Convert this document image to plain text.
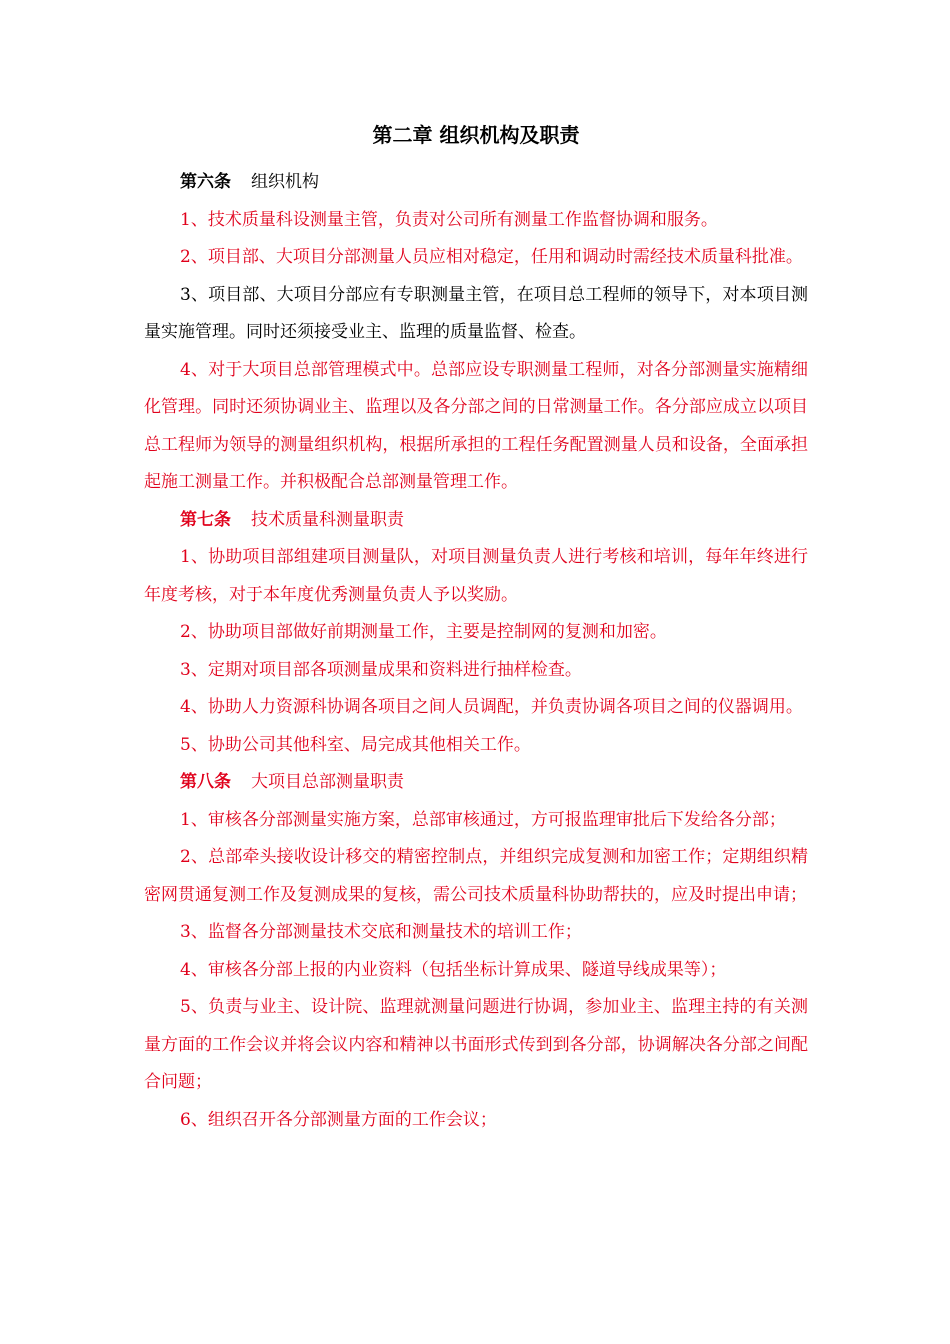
第二章 组织机构及职责

第六条 组织机构

1、技术质量科设测量主管，负责对公司所有测量工作监督协调和服务。

2、项目部、大项目分部测量人员应相对稳定，任用和调动时需经技术质量科批准。

3、项目部、大项目分部应有专职测量主管，在项目总工程师的领导下，对本项目测量实施管理。同时还须接受业主、监理的质量监督、检查。

4、对于大项目总部管理模式中。总部应设专职测量工程师，对各分部测量实施精细化管理。同时还须协调业主、监理以及各分部之间的日常测量工作。各分部应成立以项目总工程师为领导的测量组织机构，根据所承担的工程任务配置测量人员和设备，全面承担起施工测量工作。并积极配合总部测量管理工作。

第七条 技术质量科测量职责

1、协助项目部组建项目测量队，对项目测量负责人进行考核和培训，每年年终进行年度考核，对于本年度优秀测量负责人予以奖励。

2、协助项目部做好前期测量工作，主要是控制网的复测和加密。

3、定期对项目部各项测量成果和资料进行抽样检查。

4、协助人力资源科协调各项目之间人员调配，并负责协调各项目之间的仪器调用。

5、协助公司其他科室、局完成其他相关工作。

第八条 大项目总部测量职责

1、审核各分部测量实施方案，总部审核通过，方可报监理审批后下发给各分部；

2、总部牵头接收设计移交的精密控制点，并组织完成复测和加密工作；定期组织精密网贯通复测工作及复测成果的复核，需公司技术质量科协助帮扶的，应及时提出申请；

3、监督各分部测量技术交底和测量技术的培训工作；

4、审核各分部上报的内业资料（包括坐标计算成果、隧道导线成果等）；

5、负责与业主、设计院、监理就测量问题进行协调，参加业主、监理主持的有关测量方面的工作会议并将会议内容和精神以书面形式传到到各分部，协调解决各分部之间配合问题；

6、组织召开各分部测量方面的工作会议；
